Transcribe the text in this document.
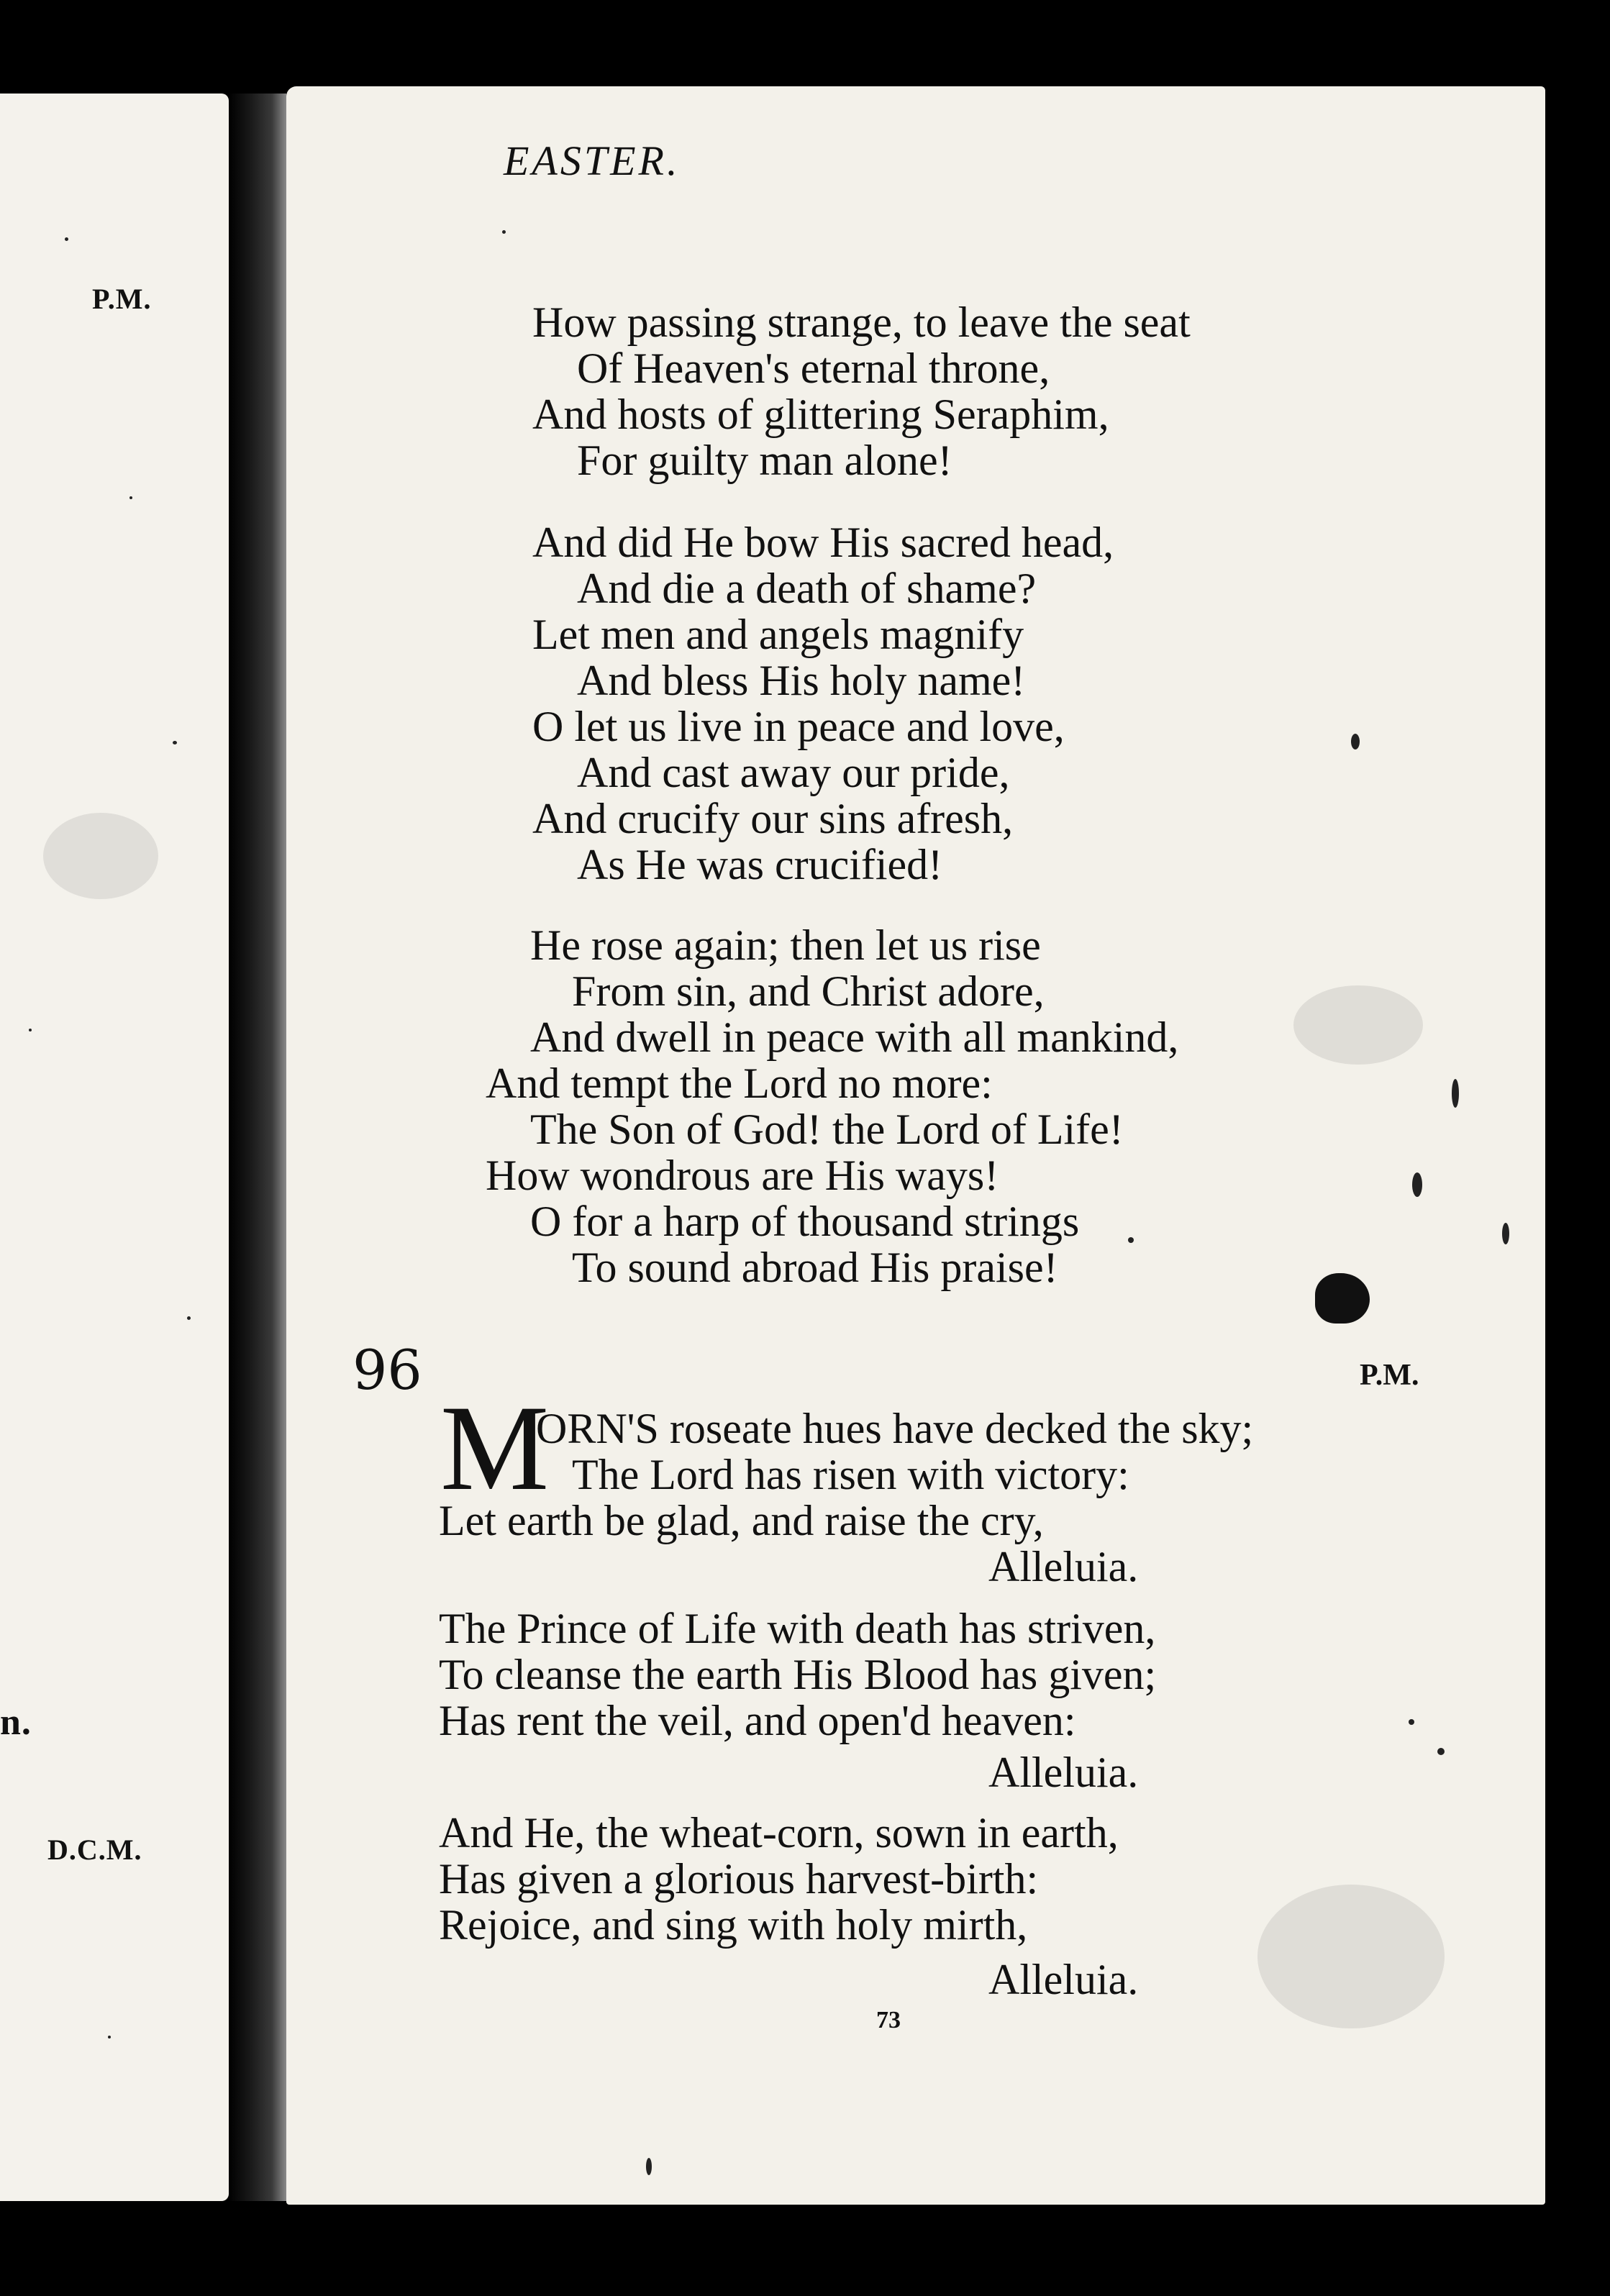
P.M.
n.
D.C.M.
EASTER.
How passing strange, to leave the seat
Of Heaven's eternal throne,
And hosts of glittering Seraphim,
For guilty man alone!
And did He bow His sacred head,
And die a death of shame?
Let men and angels magnify
And bless His holy name!
O let us live in peace and love,
And cast away our pride,
And crucify our sins afresh,
As He was crucified!
He rose again; then let us rise
From sin, and Christ adore,
And dwell in peace with all mankind,
And tempt the Lord no more:
The Son of God! the Lord of Life!
How wondrous are His ways!
O for a harp of thousand strings
To sound abroad His praise!
96	P.M.
M
ORN'S roseate hues have decked the sky;
The Lord has risen with victory:
Let earth be glad, and raise the cry,
Alleluia.
The Prince of Life with death has striven,
To cleanse the earth His Blood has given;
Has rent the veil, and open'd heaven:
Alleluia.
And He, the wheat-corn, sown in earth,
Has given a glorious harvest-birth:
Rejoice, and sing with holy mirth,
Alleluia.
73
